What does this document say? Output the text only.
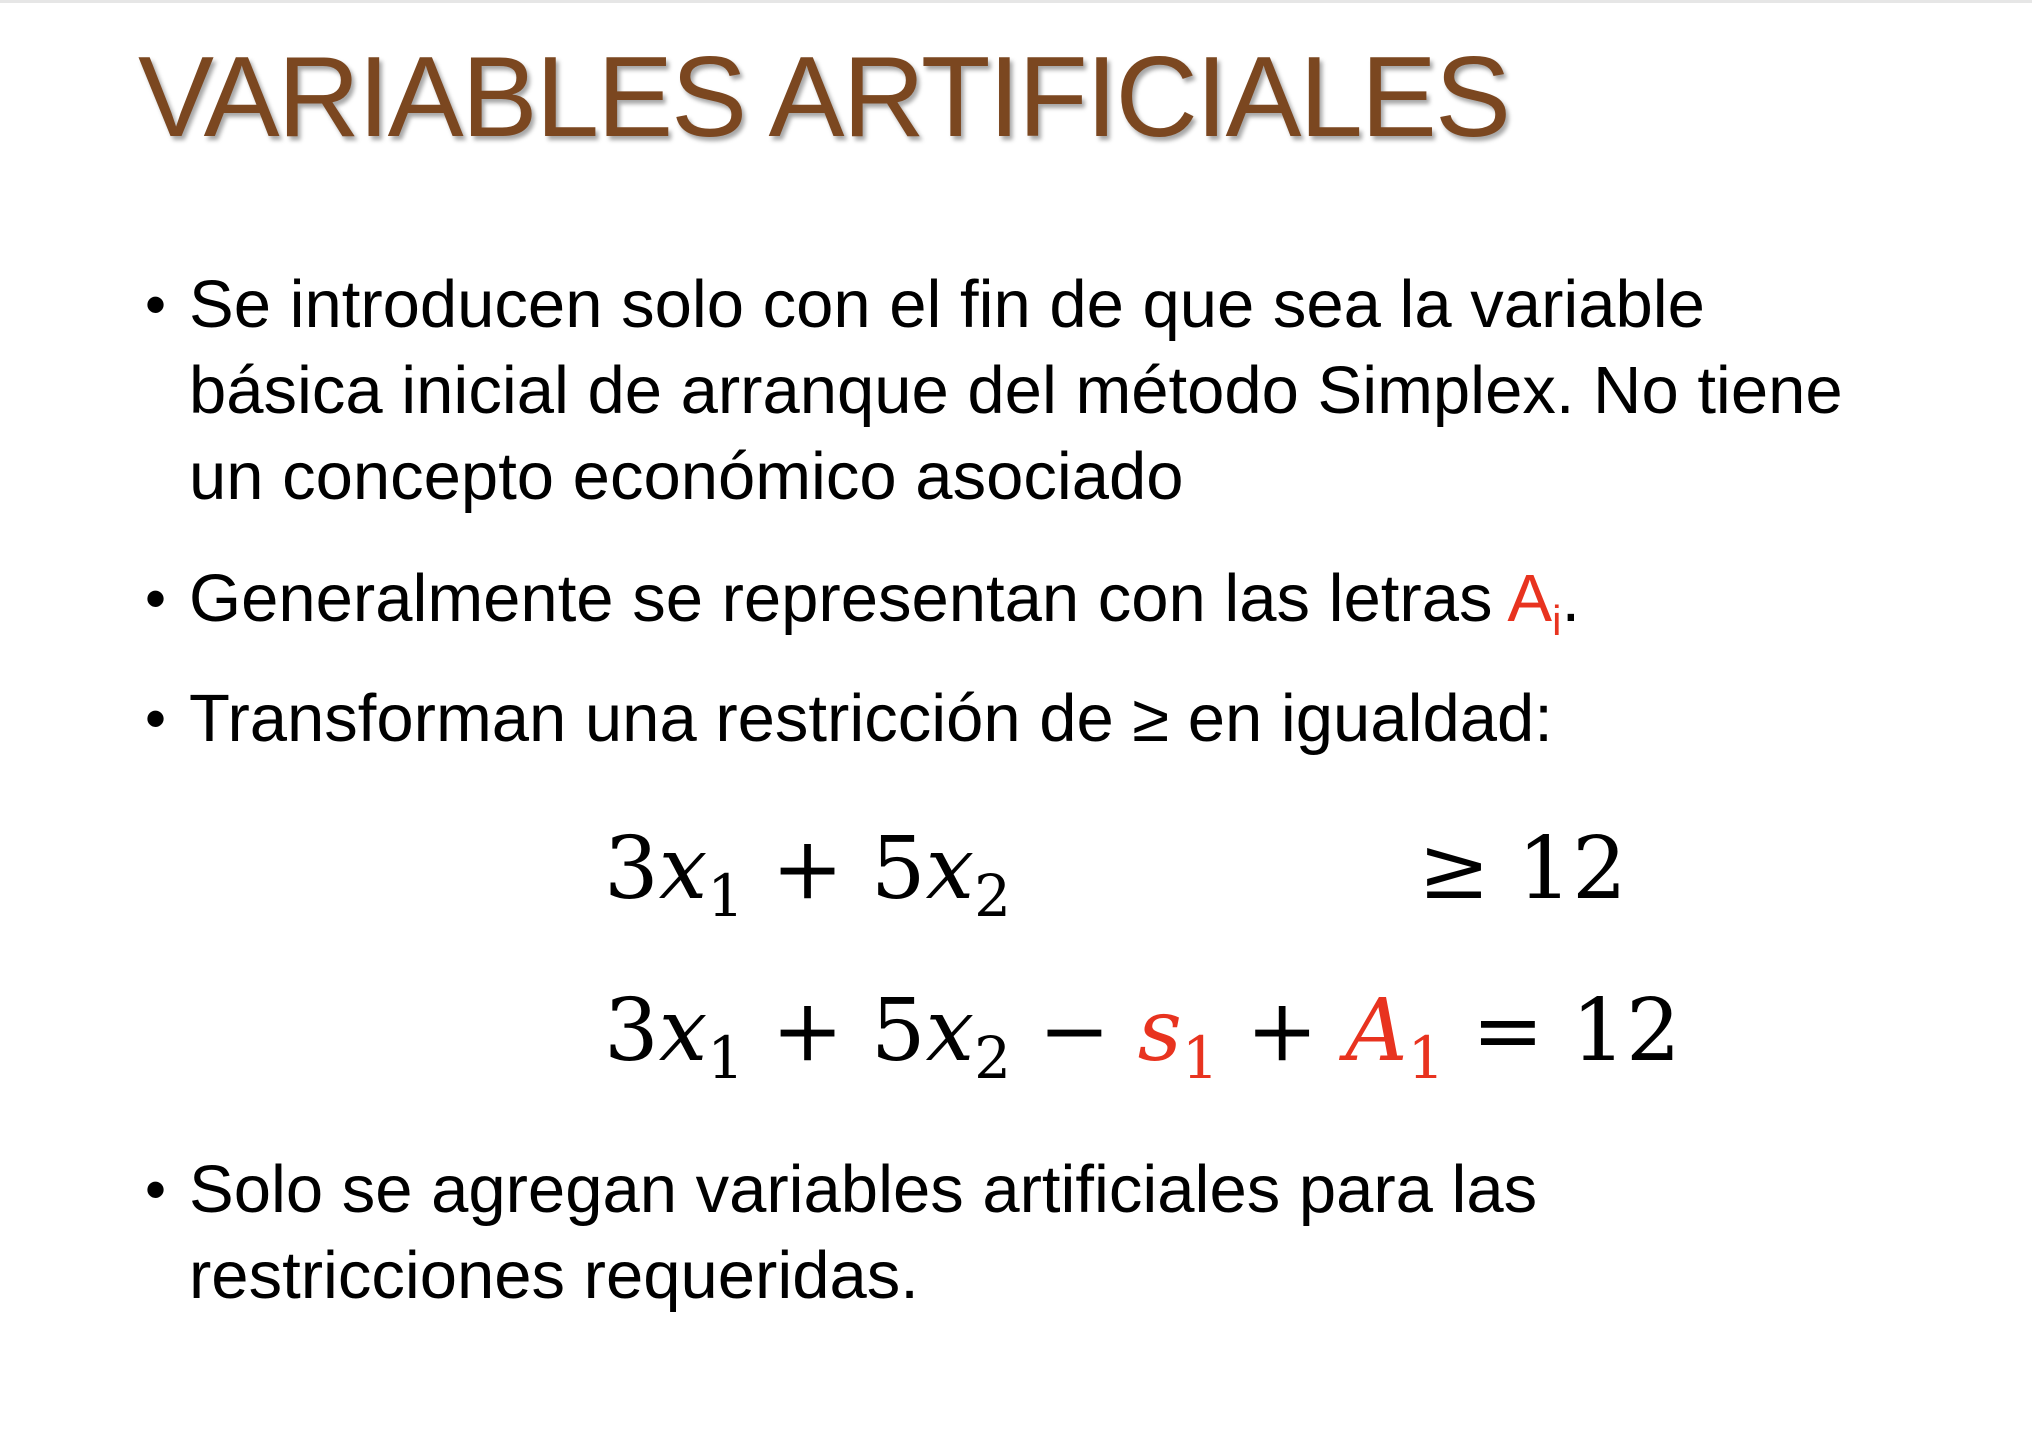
VARIABLES ARTIFICIALES
• Se introducen solo con el fin de que sea la variable básica inicial de arranque del método Simplex. No tiene un concepto económico asociado
• Generalmente se representan con las letras $A_i$.
• Transforman una restricción de ≥ en igualdad:
$3x_1 + 5x_2$	≥ 12
$3x_1 + 5x_2 - s_1 + A_1 = 12$
• Solo se agregan variables artificiales para las restricciones requeridas.
